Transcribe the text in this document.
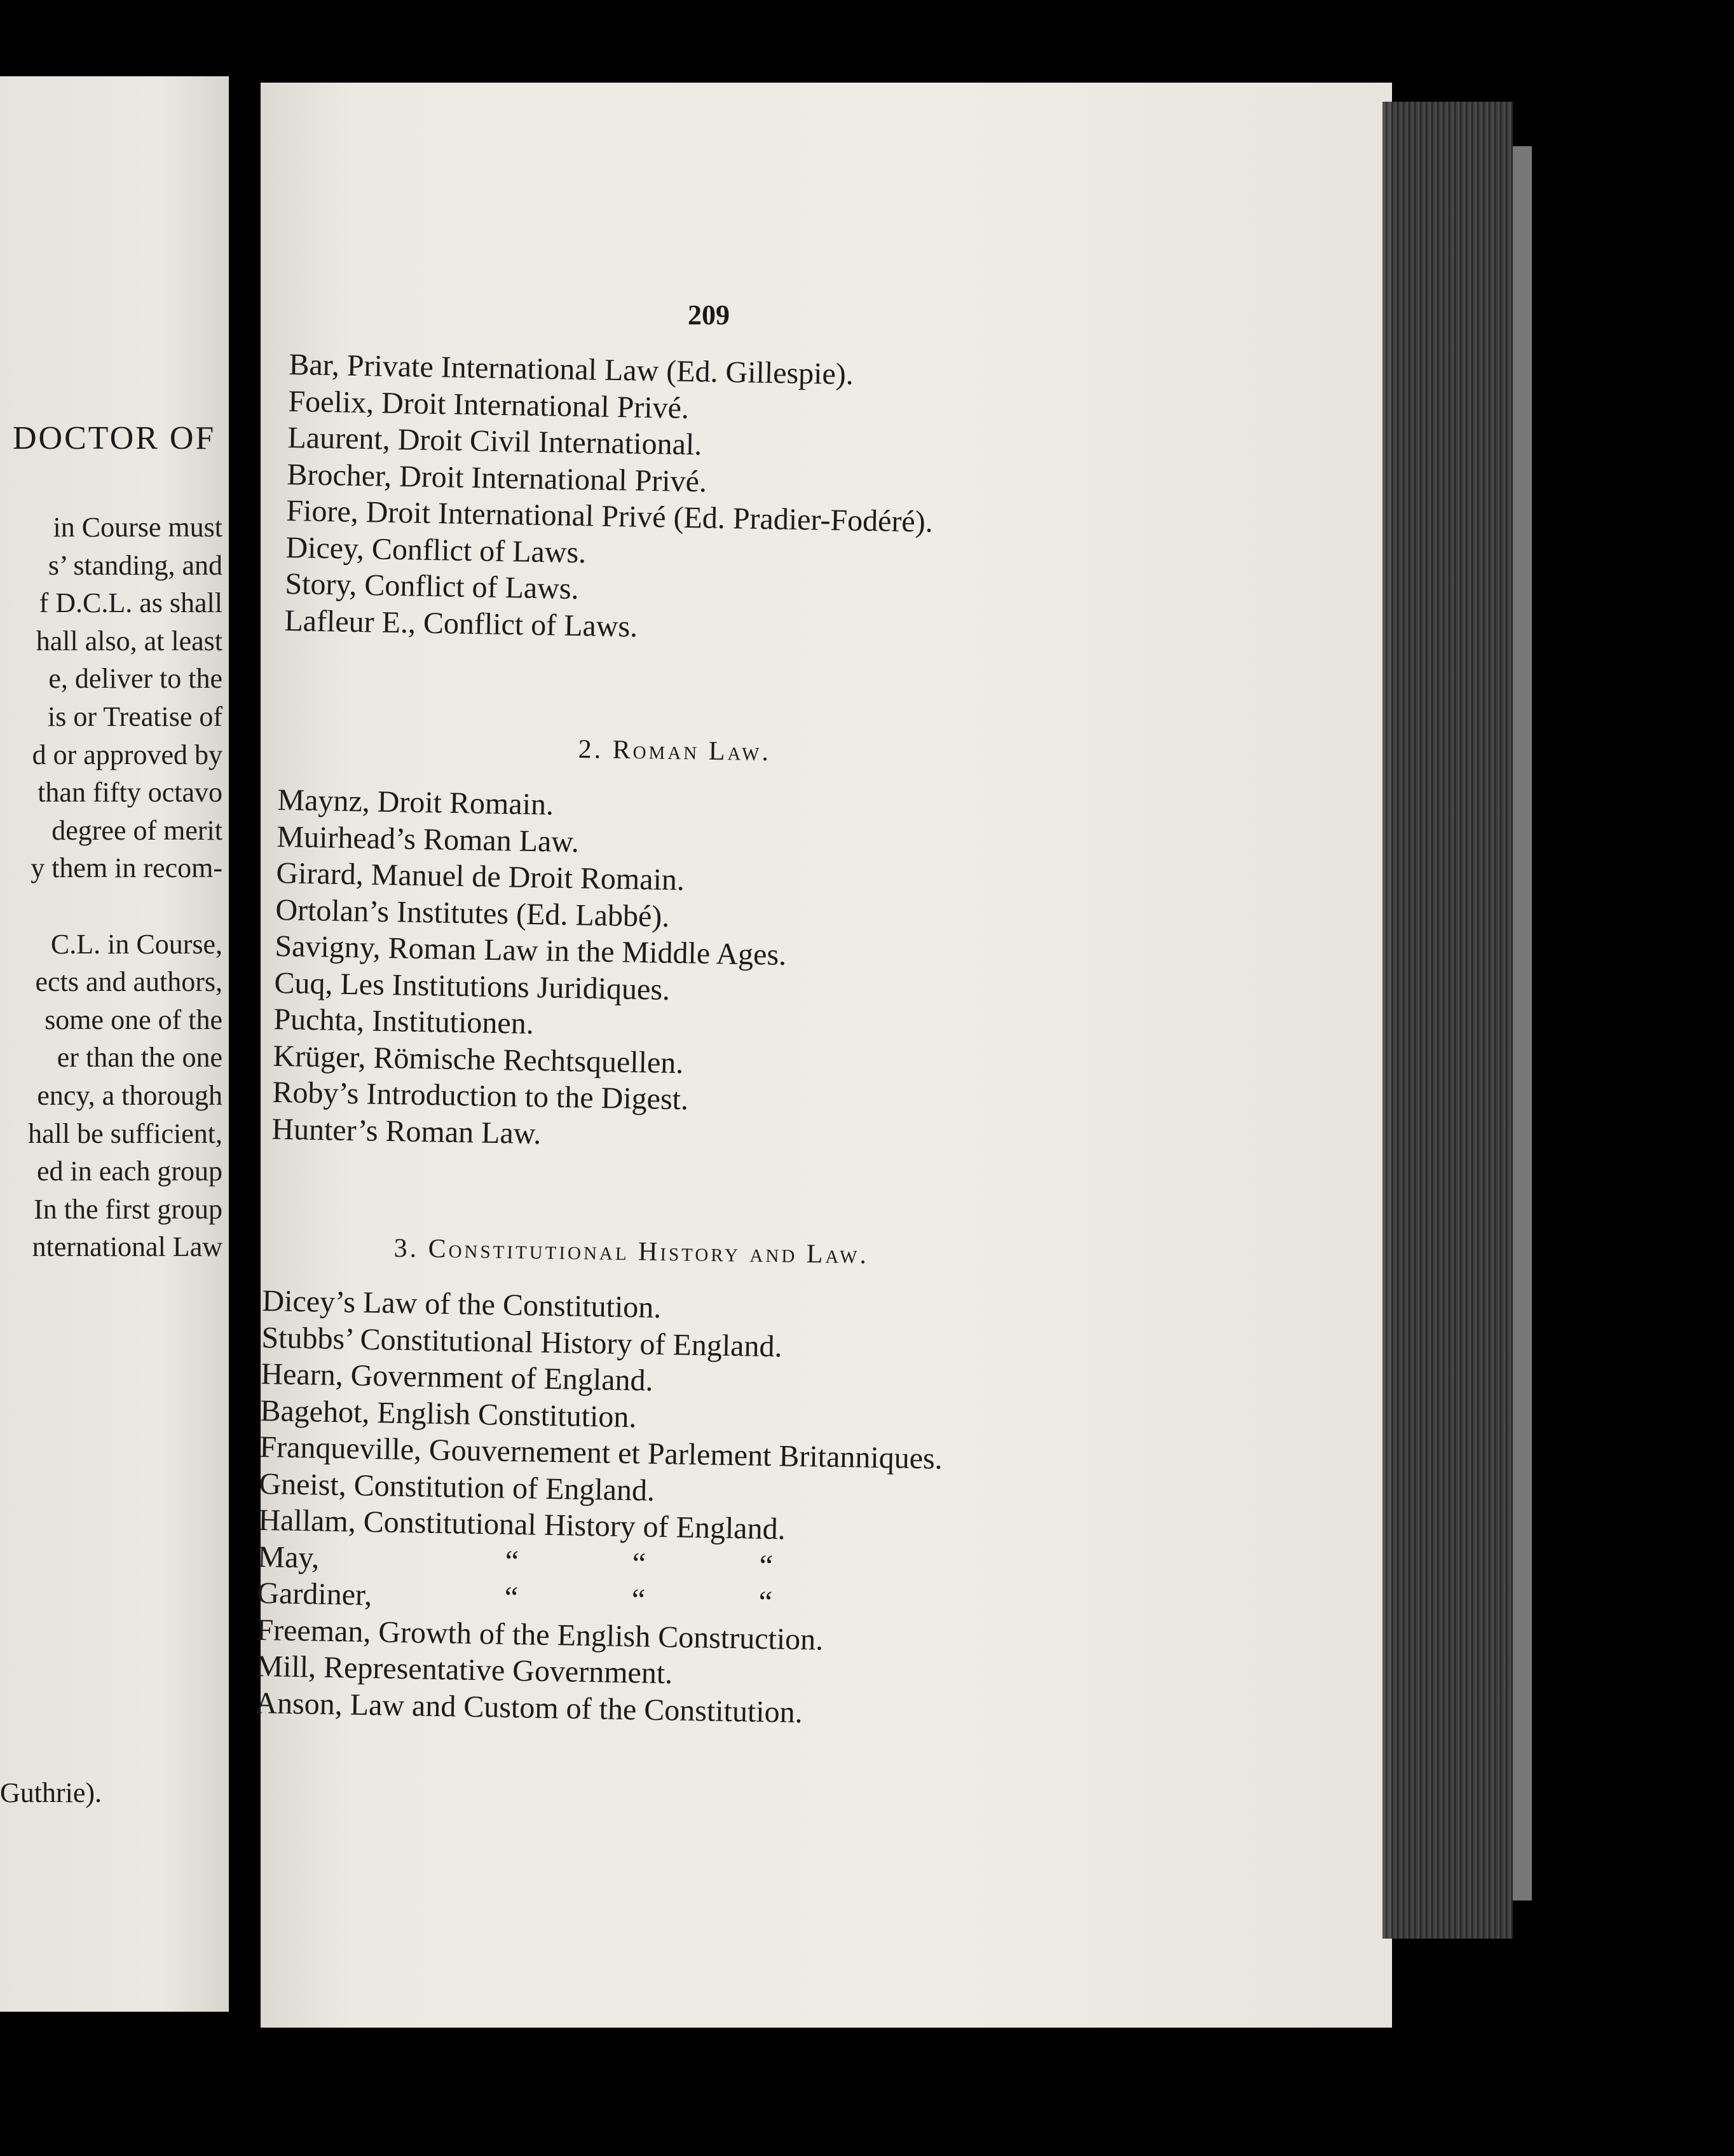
DOCTOR OF
in Course must
s’ standing, and
f D.C.L. as shall
hall also, at least
e, deliver to the
is or Treatise of
d or approved by
than fifty octavo
degree of merit
y them in recom-
C.L. in Course,
ects and authors,
some one of the
er than the one
ency, a thorough
hall be sufficient,
ed in each group
In the first group
nternational Law
Guthrie).
209
Bar, Private International Law (Ed. Gillespie).
Foelix, Droit International Privé.
Laurent, Droit Civil International.
Brocher, Droit International Privé.
Fiore, Droit International Privé (Ed. Pradier-Fodéré).
Dicey, Conflict of Laws.
Story, Conflict of Laws.
Lafleur E., Conflict of Laws.
2. Roman Law.
Maynz, Droit Romain.
Muirhead’s Roman Law.
Girard, Manuel de Droit Romain.
Ortolan’s Institutes (Ed. Labbé).
Savigny, Roman Law in the Middle Ages.
Cuq, Les Institutions Juridiques.
Puchta, Institutionen.
Krüger, Römische Rechtsquellen.
Roby’s Introduction to the Digest.
Hunter’s Roman Law.
3. Constitutional History and Law.
Dicey’s Law of the Constitution.
Stubbs’ Constitutional History of England.
Hearn, Government of England.
Bagehot, English Constitution.
Franqueville, Gouvernement et Parlement Britanniques.
Gneist, Constitution of England.
Hallam, Constitutional History of England.
May,	“	“	“
Gardiner,	“	“	“
Freeman, Growth of the English Construction.
Mill, Representative Government.
Anson, Law and Custom of the Constitution.
